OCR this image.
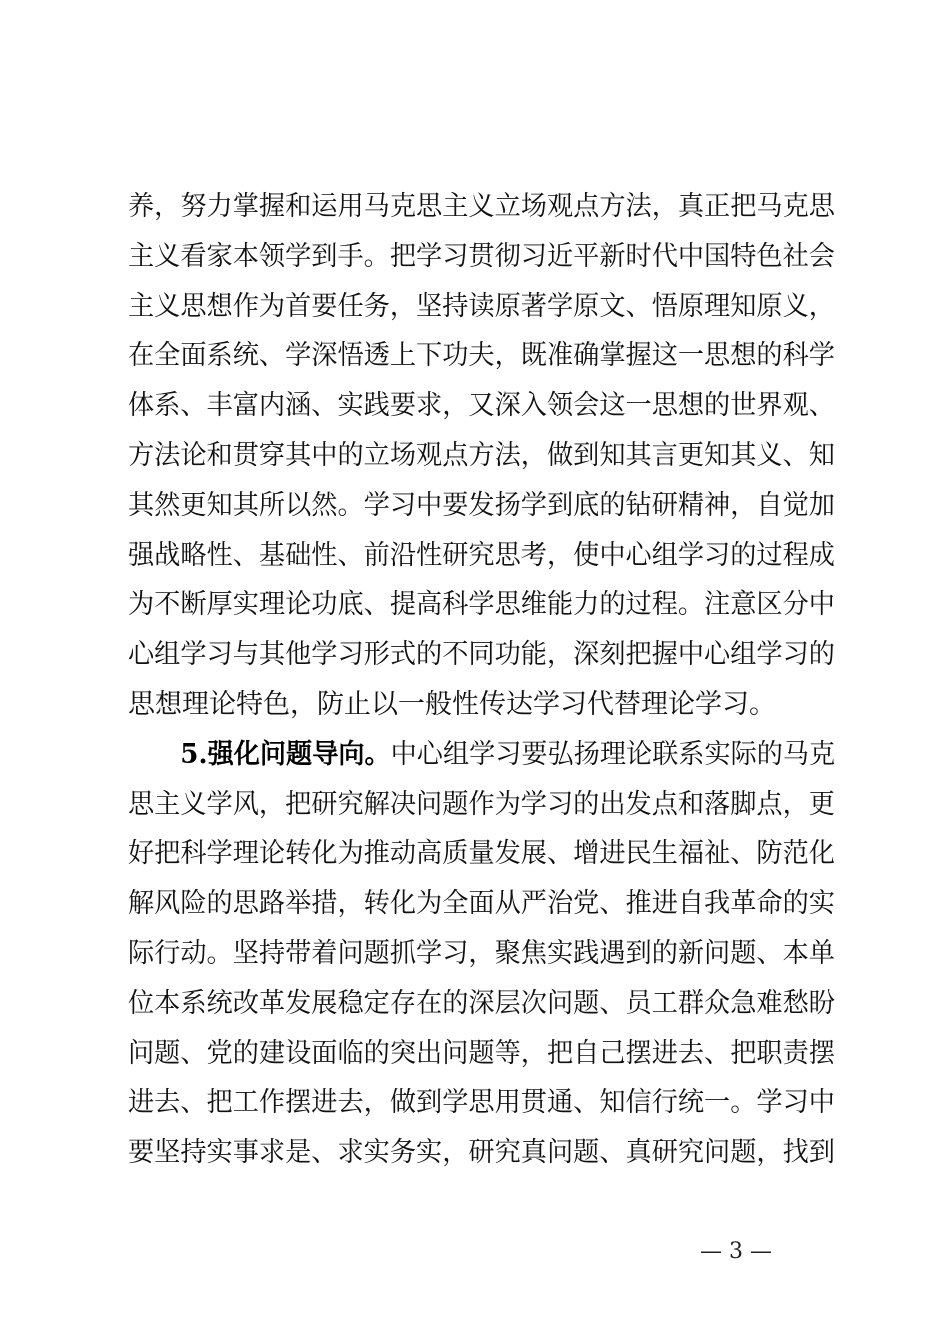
养，努力掌握和运用马克思主义立场观点方法，真正把马克思
主义看家本领学到手。把学习贯彻习近平新时代中国特色社会
主义思想作为首要任务，坚持读原著学原文、悟原理知原义，
在全面系统、学深悟透上下功夫，既准确掌握这一思想的科学
体系、丰富内涵、实践要求，又深入领会这一思想的世界观、
方法论和贯穿其中的立场观点方法，做到知其言更知其义、知
其然更知其所以然。学习中要发扬学到底的钻研精神，自觉加
强战略性、基础性、前沿性研究思考，使中心组学习的过程成
为不断厚实理论功底、提高科学思维能力的过程。注意区分中
心组学习与其他学习形式的不同功能，深刻把握中心组学习的
思想理论特色，防止以一般性传达学习代替理论学习。
5.强化问题导向。中心组学习要弘扬理论联系实际的马克
思主义学风，把研究解决问题作为学习的出发点和落脚点，更
好把科学理论转化为推动高质量发展、增进民生福祉、防范化
解风险的思路举措，转化为全面从严治党、推进自我革命的实
际行动。坚持带着问题抓学习，聚焦实践遇到的新问题、本单
位本系统改革发展稳定存在的深层次问题、员工群众急难愁盼
问题、党的建设面临的突出问题等，把自己摆进去、把职责摆
进去、把工作摆进去，做到学思用贯通、知信行统一。学习中
要坚持实事求是、求实务实，研究真问题、真研究问题，找到
— 3 —
